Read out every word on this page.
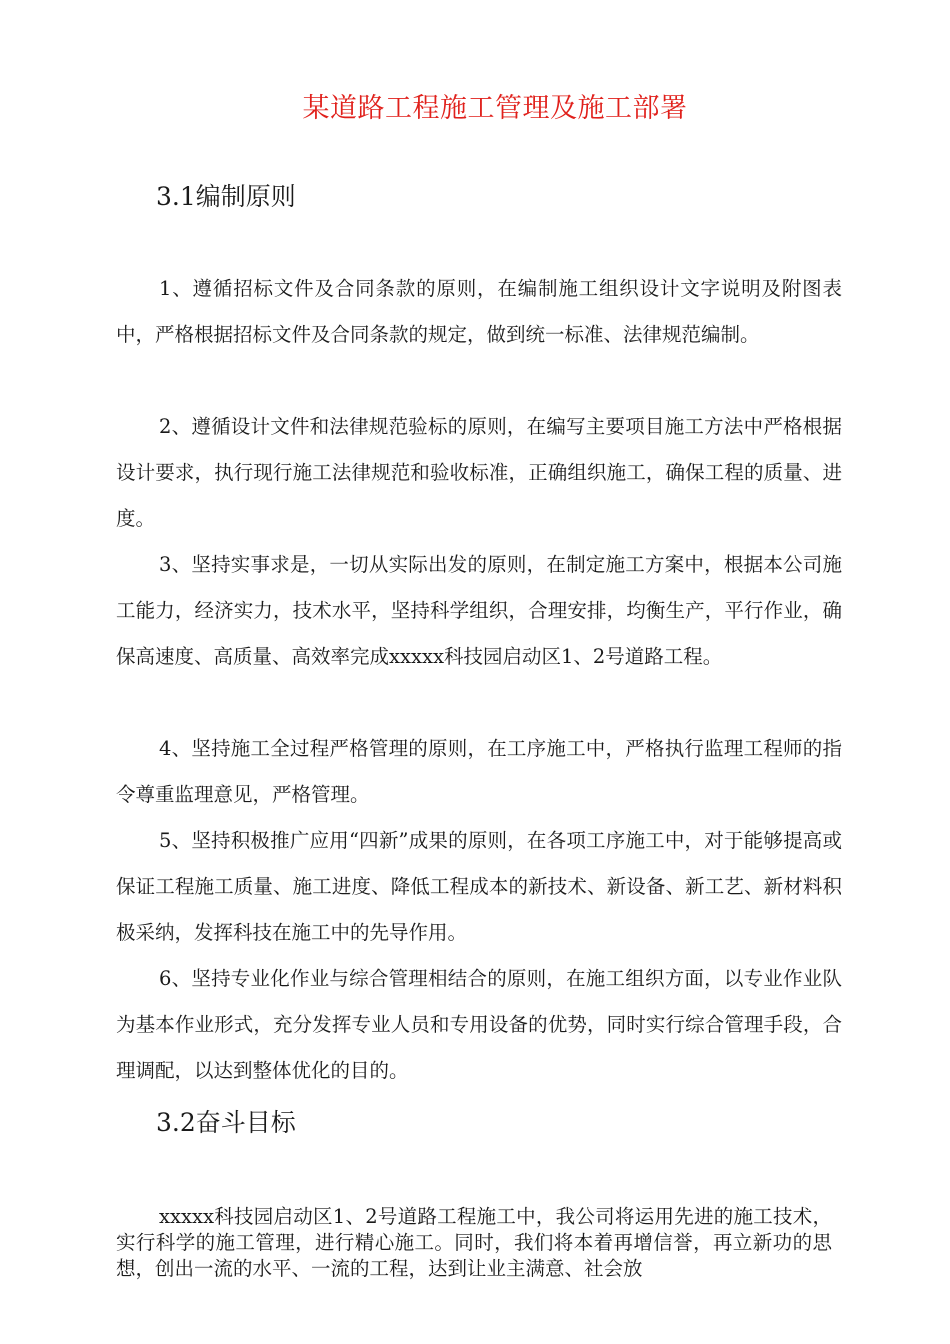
某道路工程施工管理及施工部署
3.1编制原则

1、遵循招标文件及合同条款的原则，在编制施工组织设计文字说明及附图表中，严格根据招标文件及合同条款的规定，做到统一标准、法律规范编制。

2、遵循设计文件和法律规范验标的原则，在编写主要项目施工方法中严格根据设计要求，执行现行施工法律规范和验收标准，正确组织施工，确保工程的质量、进度。

3、坚持实事求是，一切从实际出发的原则，在制定施工方案中，根据本公司施工能力，经济实力，技术水平，坚持科学组织，合理安排，均衡生产，平行作业，确保高速度、高质量、高效率完成xxxxx科技园启动区1、2号道路工程。

4、坚持施工全过程严格管理的原则，在工序施工中，严格执行监理工程师的指令尊重监理意见，严格管理。

5、坚持积极推广应用“四新”成果的原则，在各项工序施工中，对于能够提高或保证工程施工质量、施工进度、降低工程成本的新技术、新设备、新工艺、新材料积极采纳，发挥科技在施工中的先导作用。

6、坚持专业化作业与综合管理相结合的原则，在施工组织方面，以专业作业队为基本作业形式，充分发挥专业人员和专用设备的优势，同时实行综合管理手段，合理调配，以达到整体优化的目的。

3.2奋斗目标

xxxxx科技园启动区1、2号道路工程施工中，我公司将运用先进的施工技术，实行科学的施工管理，进行精心施工。同时，我们将本着再增信誉，再立新功的思想，创出一流的水平、一流的工程，达到让业主满意、社会放
